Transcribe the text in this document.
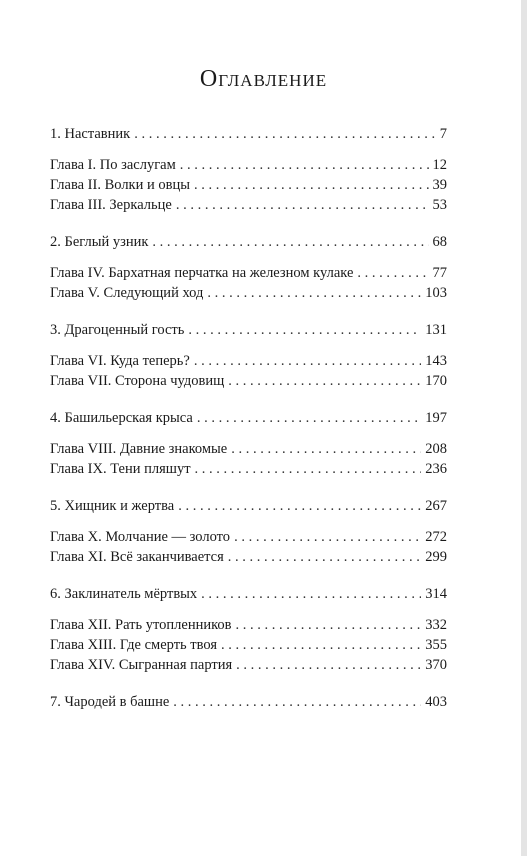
Оглавление
1. Наставник . . .	7
Глава I. По заслугам . . .	12
Глава II. Волки и овцы . . .	39
Глава III. Зеркальце . . .	53
2. Беглый узник . . .	68
Глава IV. Бархатная перчатка на железном кулаке . . .	77
Глава V. Следующий ход . . .	103
3. Драгоценный гость . . .	131
Глава VI. Куда теперь? . . .	143
Глава VII. Сторона чудовищ . . .	170
4. Башильерская крыса . . .	197
Глава VIII. Давние знакомые . . .	208
Глава IX. Тени пляшут . . .	236
5. Хищник и жертва . . .	267
Глава X. Молчание — золото . . .	272
Глава XI. Всё заканчивается . . .	299
6. Заклинатель мёртвых . . .	314
Глава XII. Рать утопленников . . .	332
Глава XIII. Где смерть твоя . . .	355
Глава XIV. Сыгранная партия . . .	370
7. Чародей в башне . . .	403
